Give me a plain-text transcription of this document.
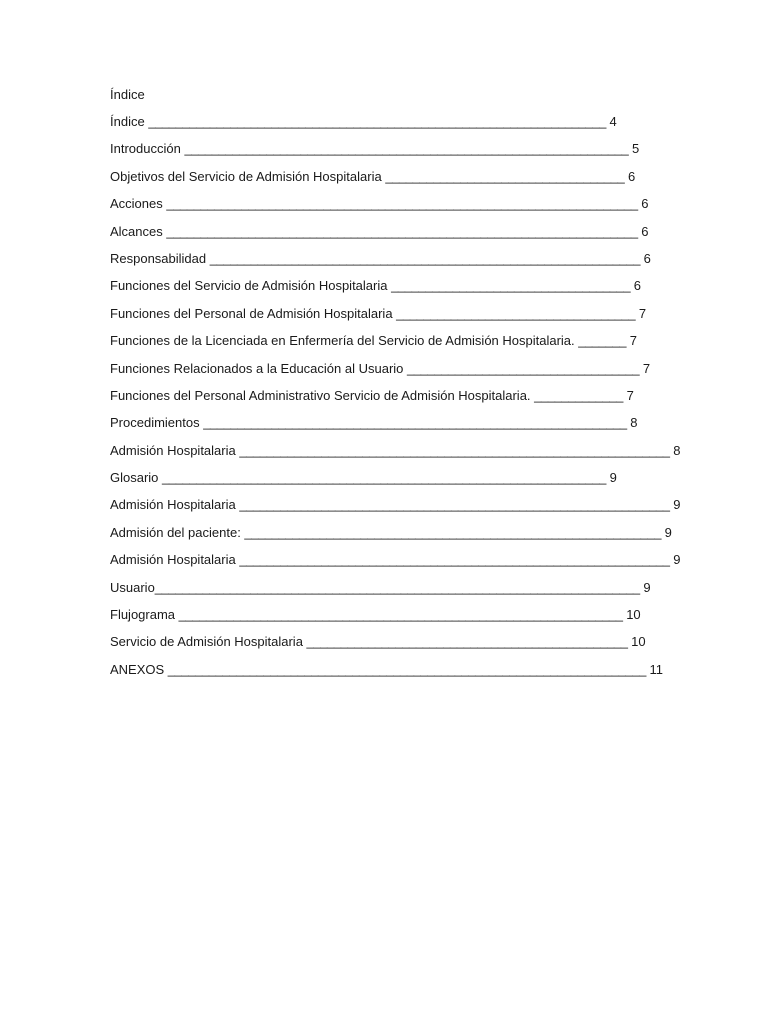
Índice
Índice ___________________________________________________________________ 4
Introducción _________________________________________________________________ 5
Objetivos del Servicio de Admisión Hospitalaria ___________________________________ 6
Acciones _____________________________________________________________________ 6
Alcances _____________________________________________________________________ 6
Responsabilidad _______________________________________________________________ 6
Funciones del Servicio de Admisión Hospitalaria ___________________________________ 6
Funciones del Personal de Admisión Hospitalaria ___________________________________ 7
Funciones de la Licenciada en Enfermería del Servicio de Admisión Hospitalaria. _______ 7
Funciones Relacionados a la Educación al Usuario __________________________________ 7
Funciones del Personal Administrativo Servicio de Admisión Hospitalaria. _____________ 7
Procedimientos ______________________________________________________________ 8
Admisión Hospitalaria _______________________________________________________________ 8
Glosario _________________________________________________________________ 9
Admisión Hospitalaria _______________________________________________________________ 9
Admisión del paciente: _____________________________________________________________ 9
Admisión Hospitalaria _______________________________________________________________ 9
Usuario_______________________________________________________________________ 9
Flujograma _________________________________________________________________ 10
Servicio de Admisión Hospitalaria _______________________________________________ 10
ANEXOS ______________________________________________________________________ 11
